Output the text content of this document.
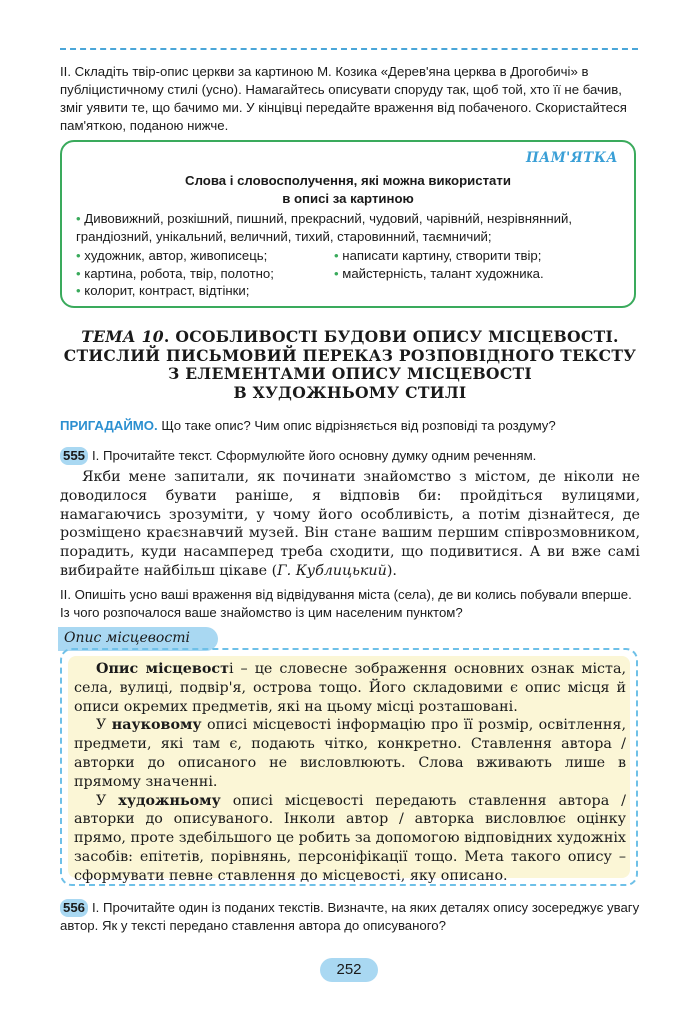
ІІ. Складіть твір-опис церкви за картиною М. Козика «Дерев'яна церква в Дрогобичі» в публіцистичному стилі (усно). Намагайтесь описувати споруду так, щоб той, хто її не бачив, зміг уявити те, що бачимо ми. У кінцівці передайте враження від побаченого. Скористайтеся пам'яткою, поданою нижче.

ПАМ'ЯТКА
Слова і словосполучення, які можна використати
в описі за картиною
• Дивовижний, розкішний, пишний, прекрасний, чудовий, чарівни́й, незрівнянний, грандіозний, унікальний, величний, тихий, старовинний, таємничий;
• художник, автор, живописець;
• картина, робота, твір, полотно;
• колорит, контраст, відтінки;
• написати картину, створити твір;
• майстерність, талант художника.
ТЕМА 10. ОСОБЛИВОСТІ БУДОВИ ОПИСУ МІСЦЕВОСТІ.
СТИСЛИЙ ПИСЬМОВИЙ ПЕРЕКАЗ РОЗПОВІДНОГО ТЕКСТУ
З ЕЛЕМЕНТАМИ ОПИСУ МІСЦЕВОСТІ
В ХУДОЖНЬОМУ СТИЛІ

ПРИГАДАЙМО. Що таке опис? Чим опис відрізняється від розповіді та роздуму?

555 І. Прочитайте текст. Сформулюйте його основну думку одним реченням.

Якби мене запитали, як починати знайомство з містом, де ніколи не доводилося бувати раніше, я відповів би: пройдіться вулицями, намагаючись зрозуміти, у чому його особливість, а потім дізнайтеся, де розміщено краєзнавчий музей. Він стане вашим першим співрозмовником, порадить, куди насамперед треба сходити, що подивитися. А ви вже самі вибирайте найбільш цікаве (Г. Кублицький).

ІІ. Опишіть усно ваші враження від відвідування міста (села), де ви колись побували вперше. Із чого розпочалося ваше знайомство із цим населеним пунктом?

Опис місцевості

Опис місцевості – це словесне зображення основних ознак міста, села, вулиці, подвір'я, острова тощо. Його складовими є опис місця й описи окремих предметів, які на цьому місці розташовані.

У науковому описі місцевості інформацію про її розмір, освітлення, предмети, які там є, подають чітко, конкретно. Ставлення автора / авторки до описаного не висловлюють. Слова вживають лише в прямому значенні.

У художньому описі місцевості передають ставлення автора / авторки до описуваного. Інколи автор / авторка висловлює оцінку прямо, проте здебільшого це робить за допомогою відповідних художніх засобів: епітетів, порівнянь, персоніфікації тощо. Мета такого опису – сформувати певне ставлення до місцевості, яку описано.

556 І. Прочитайте один із поданих текстів. Визначте, на яких деталях опису зосереджує увагу автор. Як у тексті передано ставлення автора до описуваного?

252
